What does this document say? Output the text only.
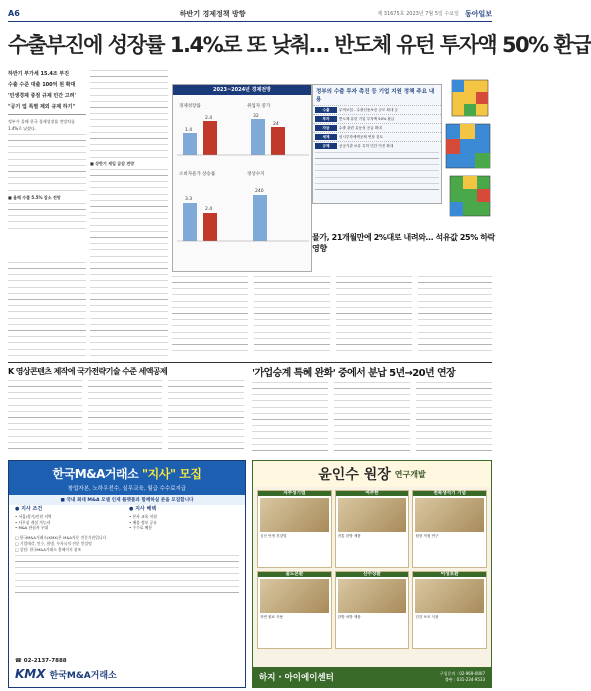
A6	하반기 경제정책 방향	제 31675호 2023년 7월 5일 수요일 동아일보
수출부진에 성장률 1.4%로 또 낮춰… 반도체 유턴 투자액 50% 환급
하반기 부가세 15.4조 부진
수출 수준 대출 100억 원 확대
'민생경제 중점 규제 민간 고려'
"공기 업 특별 제외 규제 하기"

정부가 올해 한국 경제성장률 전망치를 1.4%로 낮췄다.

■ 올해 수출 5.5% 감소 전망

■ 상반기 세입 급감 전망

2023~2024년 경제전망
경제성장률
1.4
2.4
취업자 증가
32
24
소비자물가 상승률
3.3
2.4
경상수지
240
정부의 수출 투자 촉진 등 기업 지원 정책 주요 내용
수출	무역보험 - 수출신용보증 규모 확대 등
투자	반도체 유턴 기업 투자액 50% 환급
자금	수출 관련 유동성 공급 확대
세제	임시투자세액공제 연장 검토
규제	공공기관 보유 특허 민간 이전 확대
물가, 21개월만에 2%대로 내려와… 석유값 25% 하락 영향
K 영상콘텐츠 제작에 국가전략기술 수준 세액공제	'가업승계 특혜 완화' 중에서 분납 5년→20년 연장
한국M&A거래소 "지사" 모집
창업자본, 노하우전수, 실무교육, 월급 수수료지급
■ 국내 최대 M&A 모델 인재 플랫폼과 함께하실 분을 모집합니다
● 지사 조건
• 서울/경기/인천 지역
• 사무실 개설 가능자
• M&A 관심자 우대
● 지사 혜택
• 본사 교육 지원
• 매물 정보 공유
• 수수료 배분
□ 한국M&A거래소(KMX)은 M&A자문 전문기관입니다
□ 기업매각, 인수, 합병, 투자유치 전문 컨설팅
□ 상담: 한국M&A거래소 홈페이지 참조
☎ 02-2137-7888
KMX 한국M&A거래소
윤인수 원장 연구개발
자주성기법
심신 안정 건강법
여주한
전통 한방 제품
천록생석기 기념
원장 직접 연구
골드본환
자연 원료 사용
산수상환
한방 처방 제품
어성초환
건강 보조 식품
하지 · 아이에이센터	구입문의 : 02-969-0007
출판 : 031-234-9533
